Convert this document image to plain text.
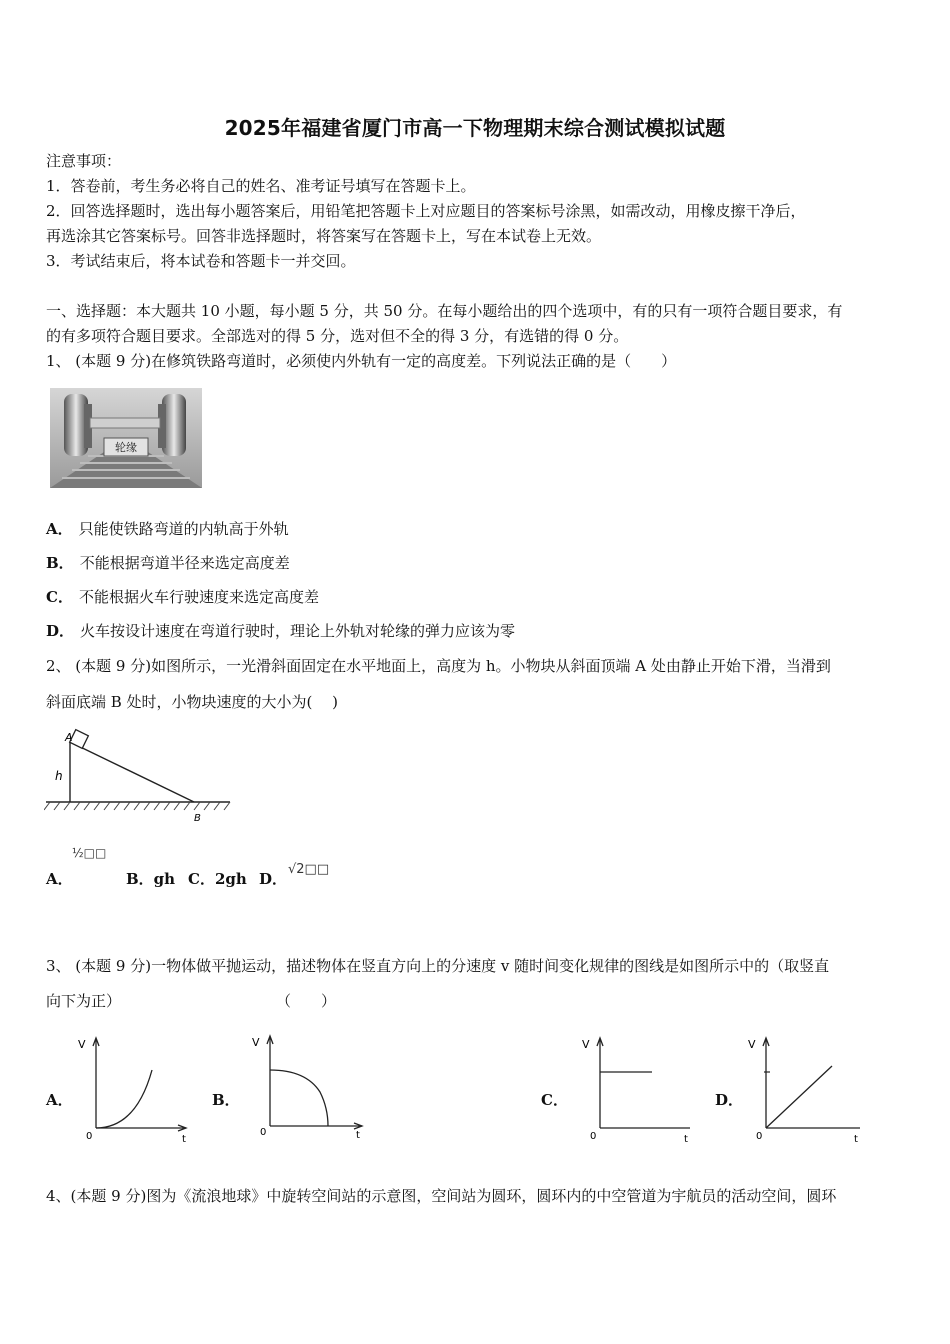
2025年福建省厦门市高一下物理期末综合测试模拟试题
注意事项：
1．答卷前，考生务必将自己的姓名、准考证号填写在答题卡上。
2．回答选择题时，选出每小题答案后，用铅笔把答题卡上对应题目的答案标号涂黑，如需改动，用橡皮擦干净后，
再选涂其它答案标号。回答非选择题时，将答案写在答题卡上，写在本试卷上无效。
3．考试结束后，将本试卷和答题卡一并交回。
一、选择题：本大题共 10 小题，每小题 5 分，共 50 分。在每小题给出的四个选项中，有的只有一项符合题目要求，有
的有多项符合题目要求。全部选对的得 5 分，选对但不全的得 3 分，有选错的得 0 分。
1、 (本题 9 分)在修筑铁路弯道时，必须使内外轨有一定的高度差。下列说法正确的是（　　）
轮缘
A． 只能使铁路弯道的内轨高于外轨
B． 不能根据弯道半径来选定高度差
C． 不能根据火车行驶速度来选定高度差
D． 火车按设计速度在弯道行驶时，理论上外轨对轮缘的弹力应该为零
2、 (本题 9 分)如图所示，一光滑斜面固定在水平地面上，高度为 h。小物块从斜面顶端 A 处由静止开始下滑，当滑到
斜面底端 B 处时，小物块速度的大小为(　 )
A
h
B
A．
½□□
B．gh C．2gh D．
√2□□
3、 (本题 9 分)一物体做平抛运动，描述物体在竖直方向上的分速度 v 随时间变化规律的图线是如图所示中的（取竖直
向下为正）	（　　）
A．
V
0	t
B．
V
0	t
C．
V
0	t
D．
V
0	t
4、(本题 9 分)图为《流浪地球》中旋转空间站的示意图，空间站为圆环，圆环内的中空管道为宇航员的活动空间，圆环
